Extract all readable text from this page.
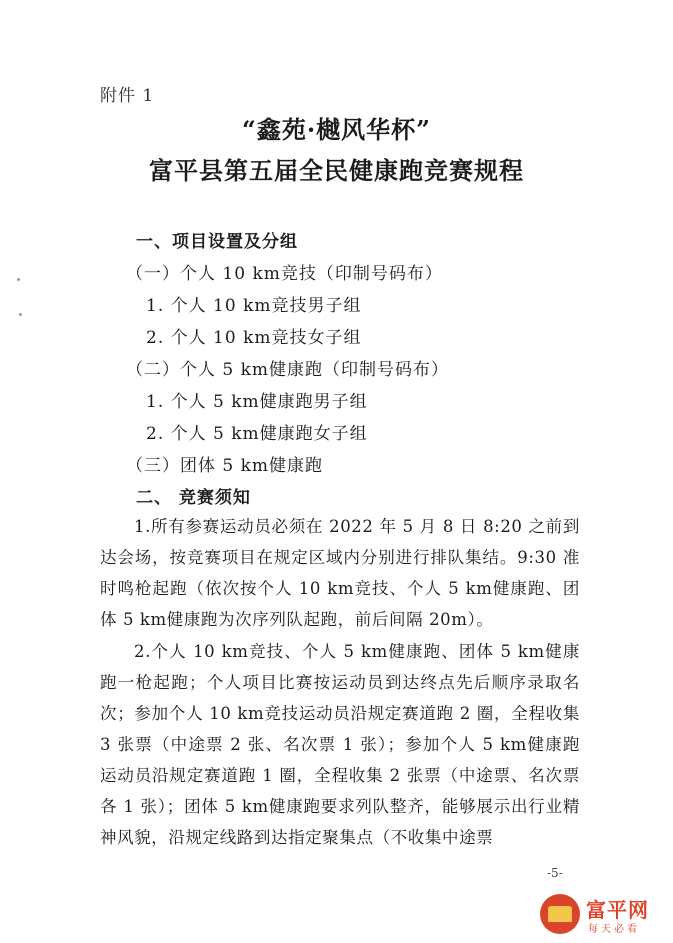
附件 1
“鑫苑·樾风华杯”
富平县第五届全民健康跑竞赛规程
一、项目设置及分组
（一）个人 10 km竞技（印制号码布）
1. 个人 10 km竞技男子组
2. 个人 10 km竞技女子组
（二）个人 5 km健康跑（印制号码布）
1. 个人 5 km健康跑男子组
2. 个人 5 km健康跑女子组
（三）团体 5 km健康跑
二、 竞赛须知
1.所有参赛运动员必须在 2022 年 5 月 8 日 8:20 之前到达会场，按竞赛项目在规定区域内分别进行排队集结。9:30 准时鸣枪起跑（依次按个人 10 km竞技、个人 5 km健康跑、团体 5 km健康跑为次序列队起跑，前后间隔 20m）。
2.个人 10 km竞技、个人 5 km健康跑、团体 5 km健康跑一枪起跑；个人项目比赛按运动员到达终点先后顺序录取名次；参加个人 10 km竞技运动员沿规定赛道跑 2 圈，全程收集 3 张票（中途票 2 张、名次票 1 张）；参加个人 5 km健康跑运动员沿规定赛道跑 1 圈，全程收集 2 张票（中途票、名次票各 1 张）；团体 5 km健康跑要求列队整齐，能够展示出行业精神风貌，沿规定线路到达指定聚集点（不收集中途票
-5-
富平网
每天必看
